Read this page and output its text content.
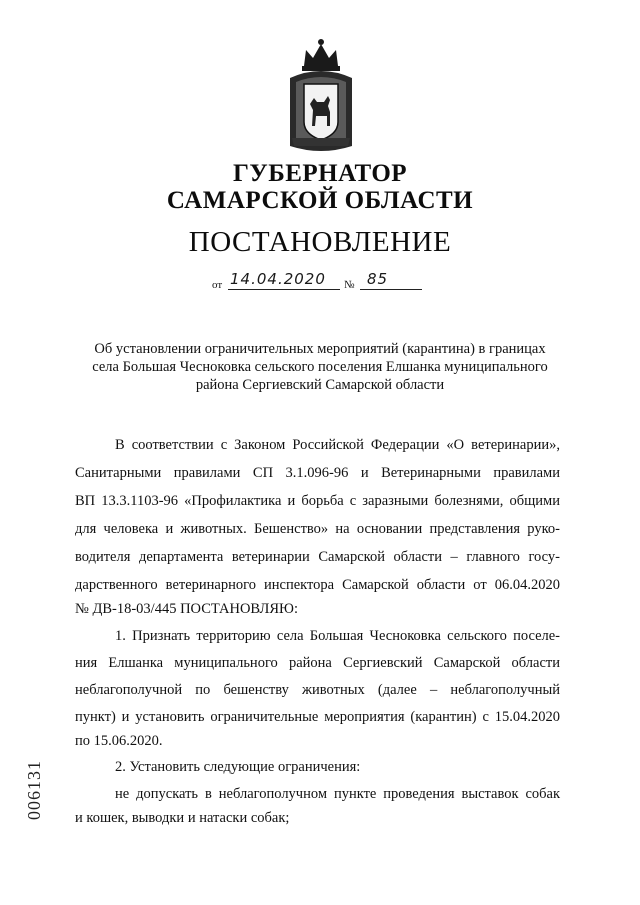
ГУБЕРНАТОР
САМАРСКОЙ ОБЛАСТИ
ПОСТАНОВЛЕНИЕ
от 14.04.2020 № 85
Об установлении ограничительных мероприятий (карантина) в границах
села Большая Чесноковка сельского поселения Елшанка муниципального
района Сергиевский Самарской области
В соответствии с Законом Российской Федерации «О ветеринарии»,
Санитарными правилами СП 3.1.096-96 и Ветеринарными правилами
ВП 13.3.1103-96 «Профилактика и борьба с заразными болезнями, общими
для человека и животных. Бешенство» на основании представления руко-
водителя департамента ветеринарии Самарской области – главного госу-
дарственного ветеринарного инспектора Самарской области от 06.04.2020
№ ДВ-18-03/445 ПОСТАНОВЛЯЮ:
1. Признать территорию села Большая Чесноковка сельского поселе-
ния Елшанка муниципального района Сергиевский Самарской области
неблагополучной по бешенству животных (далее – неблагополучный
пункт) и установить ограничительные мероприятия (карантин) с 15.04.2020
по 15.06.2020.
2. Установить следующие ограничения:
не допускать в неблагополучном пункте проведения выставок собак
и кошек, выводки и натаски собак;
006131
